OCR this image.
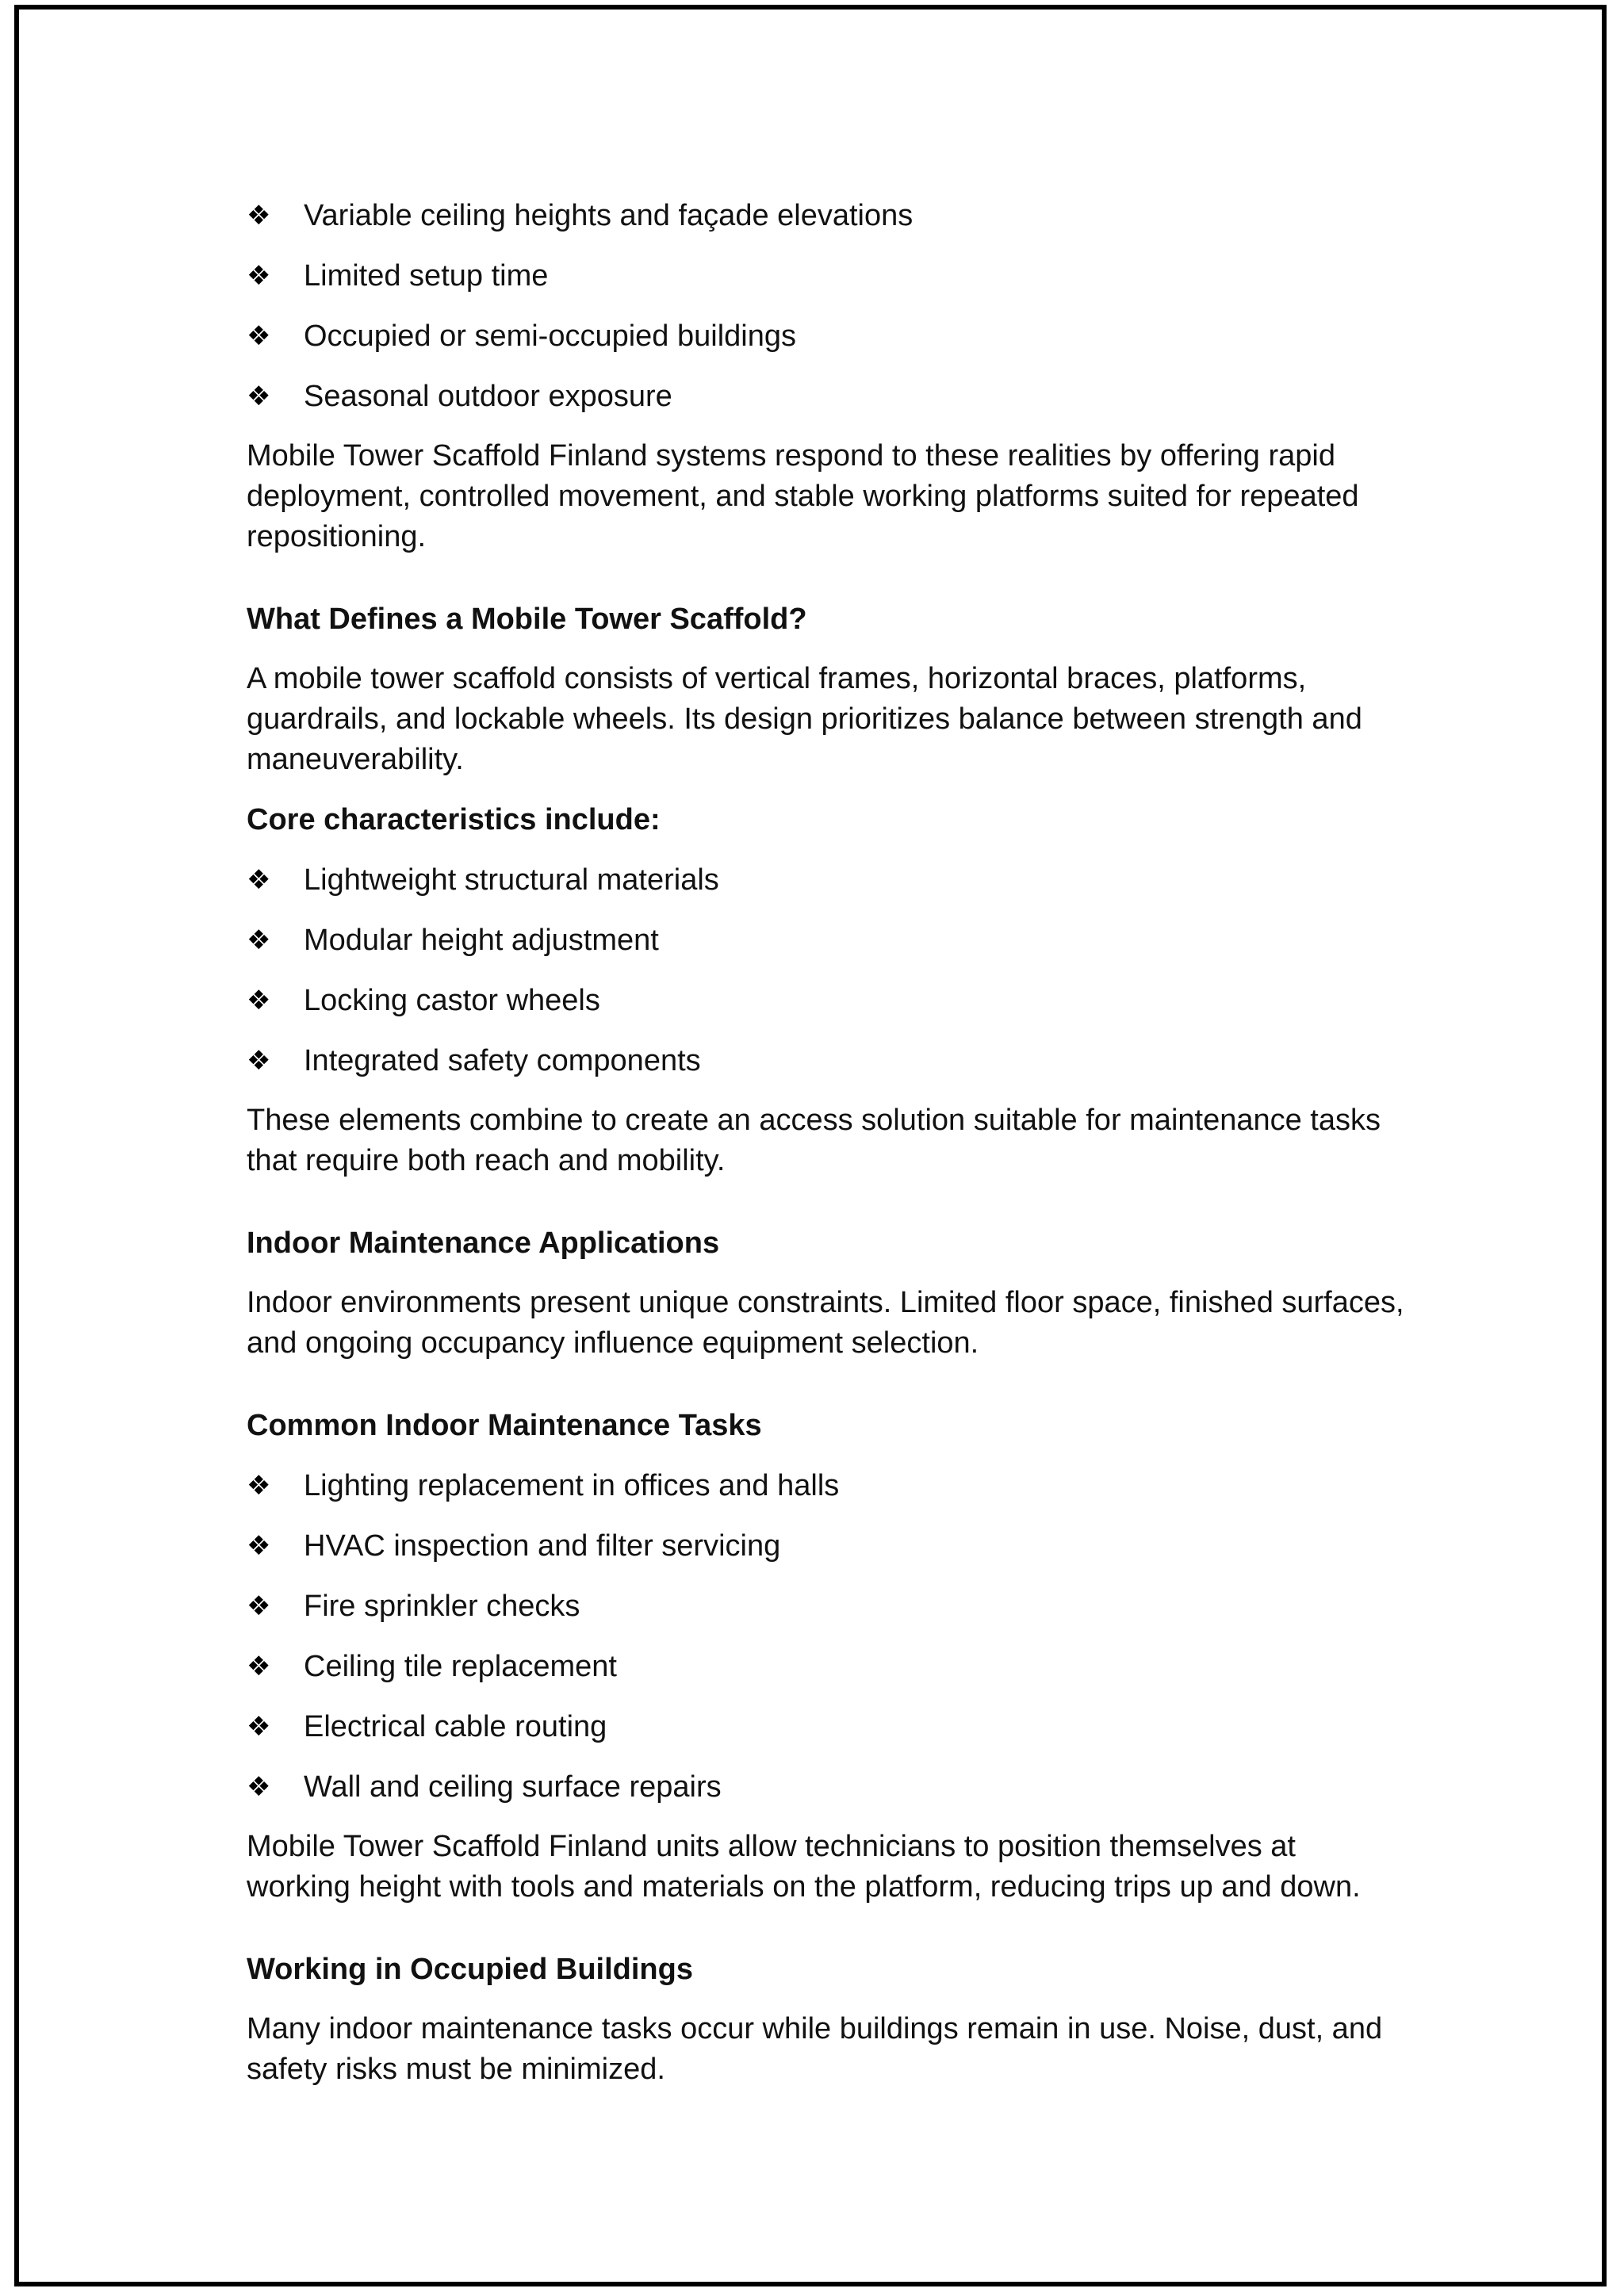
❖	Variable ceiling heights and façade elevations
❖	Limited setup time
❖	Occupied or semi-occupied buildings
❖	Seasonal outdoor exposure

Mobile Tower Scaffold Finland systems respond to these realities by offering rapid deployment, controlled movement, and stable working platforms suited for repeated repositioning.

What Defines a Mobile Tower Scaffold?

A mobile tower scaffold consists of vertical frames, horizontal braces, platforms, guardrails, and lockable wheels. Its design prioritizes balance between strength and maneuverability.

Core characteristics include:
❖	Lightweight structural materials
❖	Modular height adjustment
❖	Locking castor wheels
❖	Integrated safety components

These elements combine to create an access solution suitable for maintenance tasks that require both reach and mobility.

Indoor Maintenance Applications

Indoor environments present unique constraints. Limited floor space, finished surfaces, and ongoing occupancy influence equipment selection.

Common Indoor Maintenance Tasks
❖	Lighting replacement in offices and halls
❖	HVAC inspection and filter servicing
❖	Fire sprinkler checks
❖	Ceiling tile replacement
❖	Electrical cable routing
❖	Wall and ceiling surface repairs

Mobile Tower Scaffold Finland units allow technicians to position themselves at working height with tools and materials on the platform, reducing trips up and down.

Working in Occupied Buildings

Many indoor maintenance tasks occur while buildings remain in use. Noise, dust, and safety risks must be minimized.
